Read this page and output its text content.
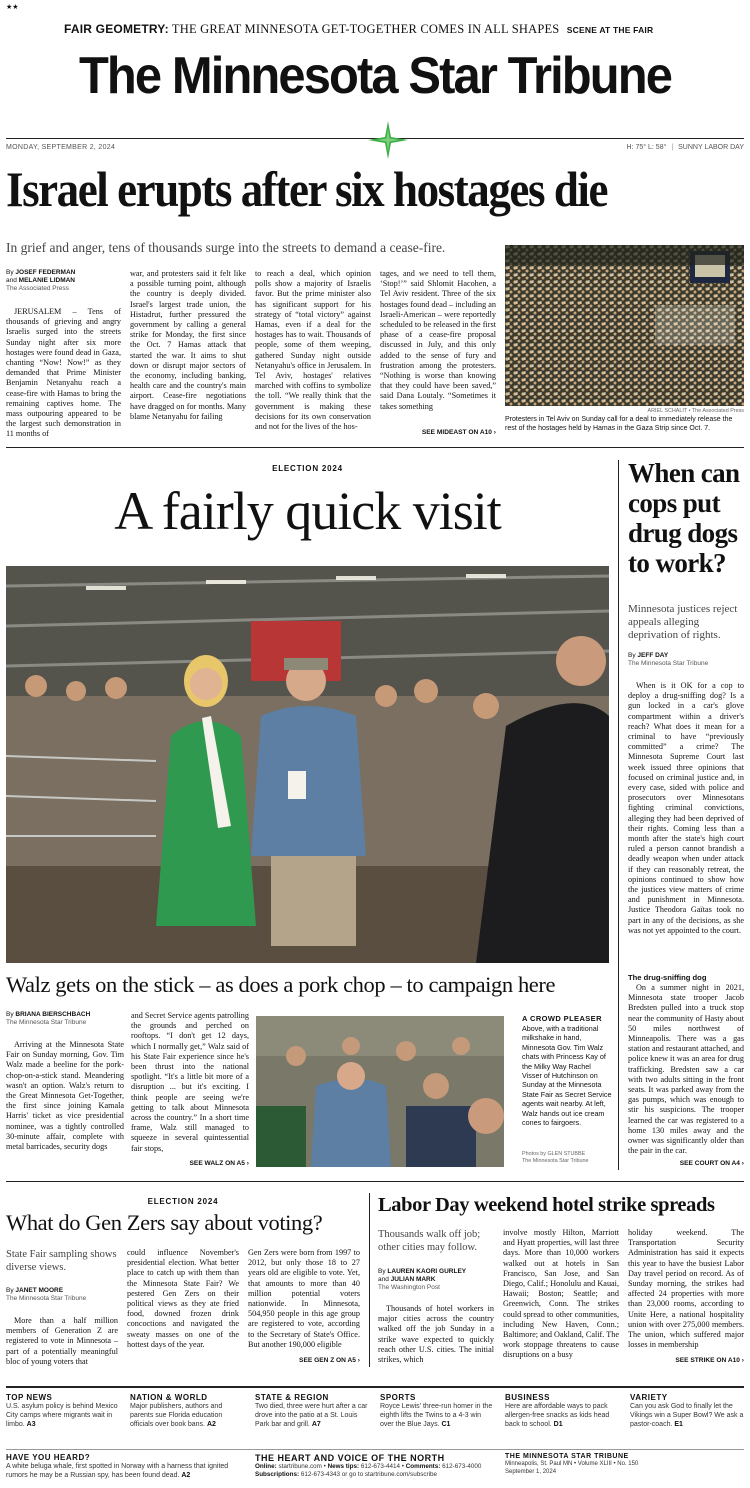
★★
FAIR GEOMETRY: THE GREAT MINNESOTA GET-TOGETHER COMES IN ALL SHAPES SCENE AT THE FAIR
The Minnesota Star Tribune
MONDAY, SEPTEMBER 2, 2024	H: 75° L: 58° | SUNNY LABOR DAY
Israel erupts after six hostages die
In grief and anger, tens of thousands surge into the streets to demand a cease-fire.
By JOSEF FEDERMAN
and MELANIE LIDMAN
The Associated Press

JERUSALEM – Tens of thousands of grieving and angry Israelis surged into the streets Sunday night after six more hostages were found dead in Gaza, chanting “Now! Now!” as they demanded that Prime Minister Benjamin Netanyahu reach a cease-fire with Hamas to bring the remaining captives home. The mass outpouring appeared to be the largest such demonstration in 11 months of

war, and protesters said it felt like a possible turning point, although the country is deeply divided. Israel's largest trade union, the Histadrut, further pressured the government by calling a general strike for Monday, the first since the Oct. 7 Hamas attack that started the war. It aims to shut down or disrupt major sectors of the economy, including banking, health care and the country's main airport. Cease-fire negotiations have dragged on for months. Many blame Netanyahu for failing

to reach a deal, which opinion polls show a majority of Israelis favor. But the prime minister also has significant support for his strategy of “total victory” against Hamas, even if a deal for the hostages has to wait. Thousands of people, some of them weeping, gathered Sunday night outside Netanyahu's office in Jerusalem. In Tel Aviv, hostages' relatives marched with coffins to symbolize the toll. “We really think that the government is making these decisions for its own conservation and not for the lives of the hos-

tages, and we need to tell them, ‘Stop!’” said Shlomit Hacohen, a Tel Aviv resident. Three of the six hostages found dead – including an Israeli-American – were reportedly scheduled to be released in the first phase of a cease-fire proposal discussed in July, and this only added to the sense of fury and frustration among the protesters. “Nothing is worse than knowing that they could have been saved,” said Dana Loutaly. “Sometimes it takes something

SEE MIDEAST ON A10 ›
ARIEL SCHALIT • The Associated Press
Protesters in Tel Aviv on Sunday call for a deal to immediately release the rest of the hostages held by Hamas in the Gaza Strip since Oct. 7.
ELECTION 2024
A fairly quick visit
Walz gets on the stick – as does a pork chop – to campaign here
By BRIANA BIERSCHBACH
The Minnesota Star Tribune

Arriving at the Minnesota State Fair on Sunday morning, Gov. Tim Walz made a beeline for the pork-chop-on-a-stick stand. Meandering wasn't an option. Walz's return to the Great Minnesota Get-Together, the first since joining Kamala Harris' ticket as vice presidential nominee, was a tightly controlled 30-minute affair, complete with metal barricades, security dogs

and Secret Service agents patrolling the grounds and perched on rooftops. “I don't get 12 days, which I normally get,” Walz said of his State Fair experience since he's been thrust into the national spotlight. “It's a little bit more of a disruption ... but it's exciting. I think people are seeing we're getting to talk about Minnesota across the country.” In a short time frame, Walz still managed to squeeze in several quintessential fair stops,

SEE WALZ ON A5 ›
A CROWD PLEASER
Above, with a traditional milkshake in hand, Minnesota Gov. Tim Walz chats with Princess Kay of the Milky Way Rachel Visser of Hutchinson on Sunday at the Minnesota State Fair as Secret Service agents wait nearby. At left, Walz hands out ice cream cones to fairgoers.
Photos by GLEN STUBBE
The Minnesota Star Tribune
When can cops put drug dogs to work?
Minnesota justices reject appeals alleging deprivation of rights.
By JEFF DAY
The Minnesota Star Tribune

When is it OK for a cop to deploy a drug-sniffing dog? Is a gun locked in a car's glove compartment within a driver's reach? What does it mean for a criminal to have “previously committed” a crime? The Minnesota Supreme Court last week issued three opinions that focused on criminal justice and, in every case, sided with police and prosecutors over Minnesotans fighting criminal convictions, alleging they had been deprived of their rights. Coming less than a month after the state's high court ruled a person cannot brandish a deadly weapon when under attack if they can reasonably retreat, the opinions continued to show how the justices view matters of crime and punishment in Minnesota. Justice Theodora Gaïtas took no part in any of the decisions, as she was not yet appointed to the court.

The drug-sniffing dog

On a summer night in 2021, Minnesota state trooper Jacob Bredsten pulled into a truck stop near the community of Hasty about 50 miles northwest of Minneapolis. There was a gas station and restaurant attached, and police knew it was an area for drug trafficking. Bredsten saw a car with two adults sitting in the front seats. It was parked away from the gas pumps, which was enough to stir his suspicions. The trooper learned the car was registered to a home 130 miles away and the owner was significantly older than the pair in the car.

SEE COURT ON A4 ›
ELECTION 2024
What do Gen Zers say about voting?
State Fair sampling shows diverse views.
By JANET MOORE
The Minnesota Star Tribune

More than a half million members of Generation Z are registered to vote in Minnesota – part of a potentially meaningful bloc of young voters that

could influence November's presidential election. What better place to catch up with them than the Minnesota State Fair? We pestered Gen Zers on their political views as they ate fried food, downed frozen drink concoctions and navigated the sweaty masses on one of the hottest days of the year.

Gen Zers were born from 1997 to 2012, but only those 18 to 27 years old are eligible to vote. Yet, that amounts to more than 40 million potential voters nationwide. In Minnesota, 504,950 people in this age group are registered to vote, according to the Secretary of State's Office. But another 190,000 eligible

SEE GEN Z ON A5 ›
Labor Day weekend hotel strike spreads
Thousands walk off job; other cities may follow.
By LAUREN KAORI GURLEY
and JULIAN MARK
The Washington Post

Thousands of hotel workers in major cities across the country walked off the job Sunday in a strike wave expected to quickly reach other U.S. cities. The initial strikes, which

involve mostly Hilton, Marriott and Hyatt properties, will last three days. More than 10,000 workers walked out at hotels in San Francisco, San Jose, and San Diego, Calif.; Honolulu and Kauai, Hawaii; Boston; Seattle; and Greenwich, Conn. The strikes could spread to other communities, including New Haven, Conn.; Baltimore; and Oakland, Calif. The work stoppage threatens to cause disruptions on a busy

holiday weekend. The Transportation Security Administration has said it expects this year to have the busiest Labor Day travel period on record. As of Sunday morning, the strikes had affected 24 properties with more than 23,000 rooms, according to Unite Here, a national hospitality union with over 275,000 members. The union, which suffered major losses in membership

SEE STRIKE ON A10 ›
TOP NEWS
U.S. asylum policy is behind Mexico City camps where migrants wait in limbo. A3
NATION & WORLD
Major publishers, authors and parents sue Florida education officials over book bans. A2
STATE & REGION
Two died, three were hurt after a car drove into the patio at a St. Louis Park bar and grill. A7
SPORTS
Royce Lewis' three-run homer in the eighth lifts the Twins to a 4-3 win over the Blue Jays. C1
BUSINESS
Here are affordable ways to pack allergen-free snacks as kids head back to school. D1
VARIETY
Can you ask God to finally let the Vikings win a Super Bowl? We ask a pastor-coach. E1
HAVE YOU HEARD?
A white beluga whale, first spotted in Norway with a harness that ignited rumors he may be a Russian spy, has been found dead. A2
THE HEART AND VOICE OF THE NORTH
Online: startribune.com • News tips: 612-673-4414 • Comments: 612-673-4000
Subscriptions: 612-673-4343 or go to startribune.com/subscribe
THE MINNESOTA STAR TRIBUNE
Minneapolis, St. Paul MN • Volume XLIII • No. 150
September 1, 2024
